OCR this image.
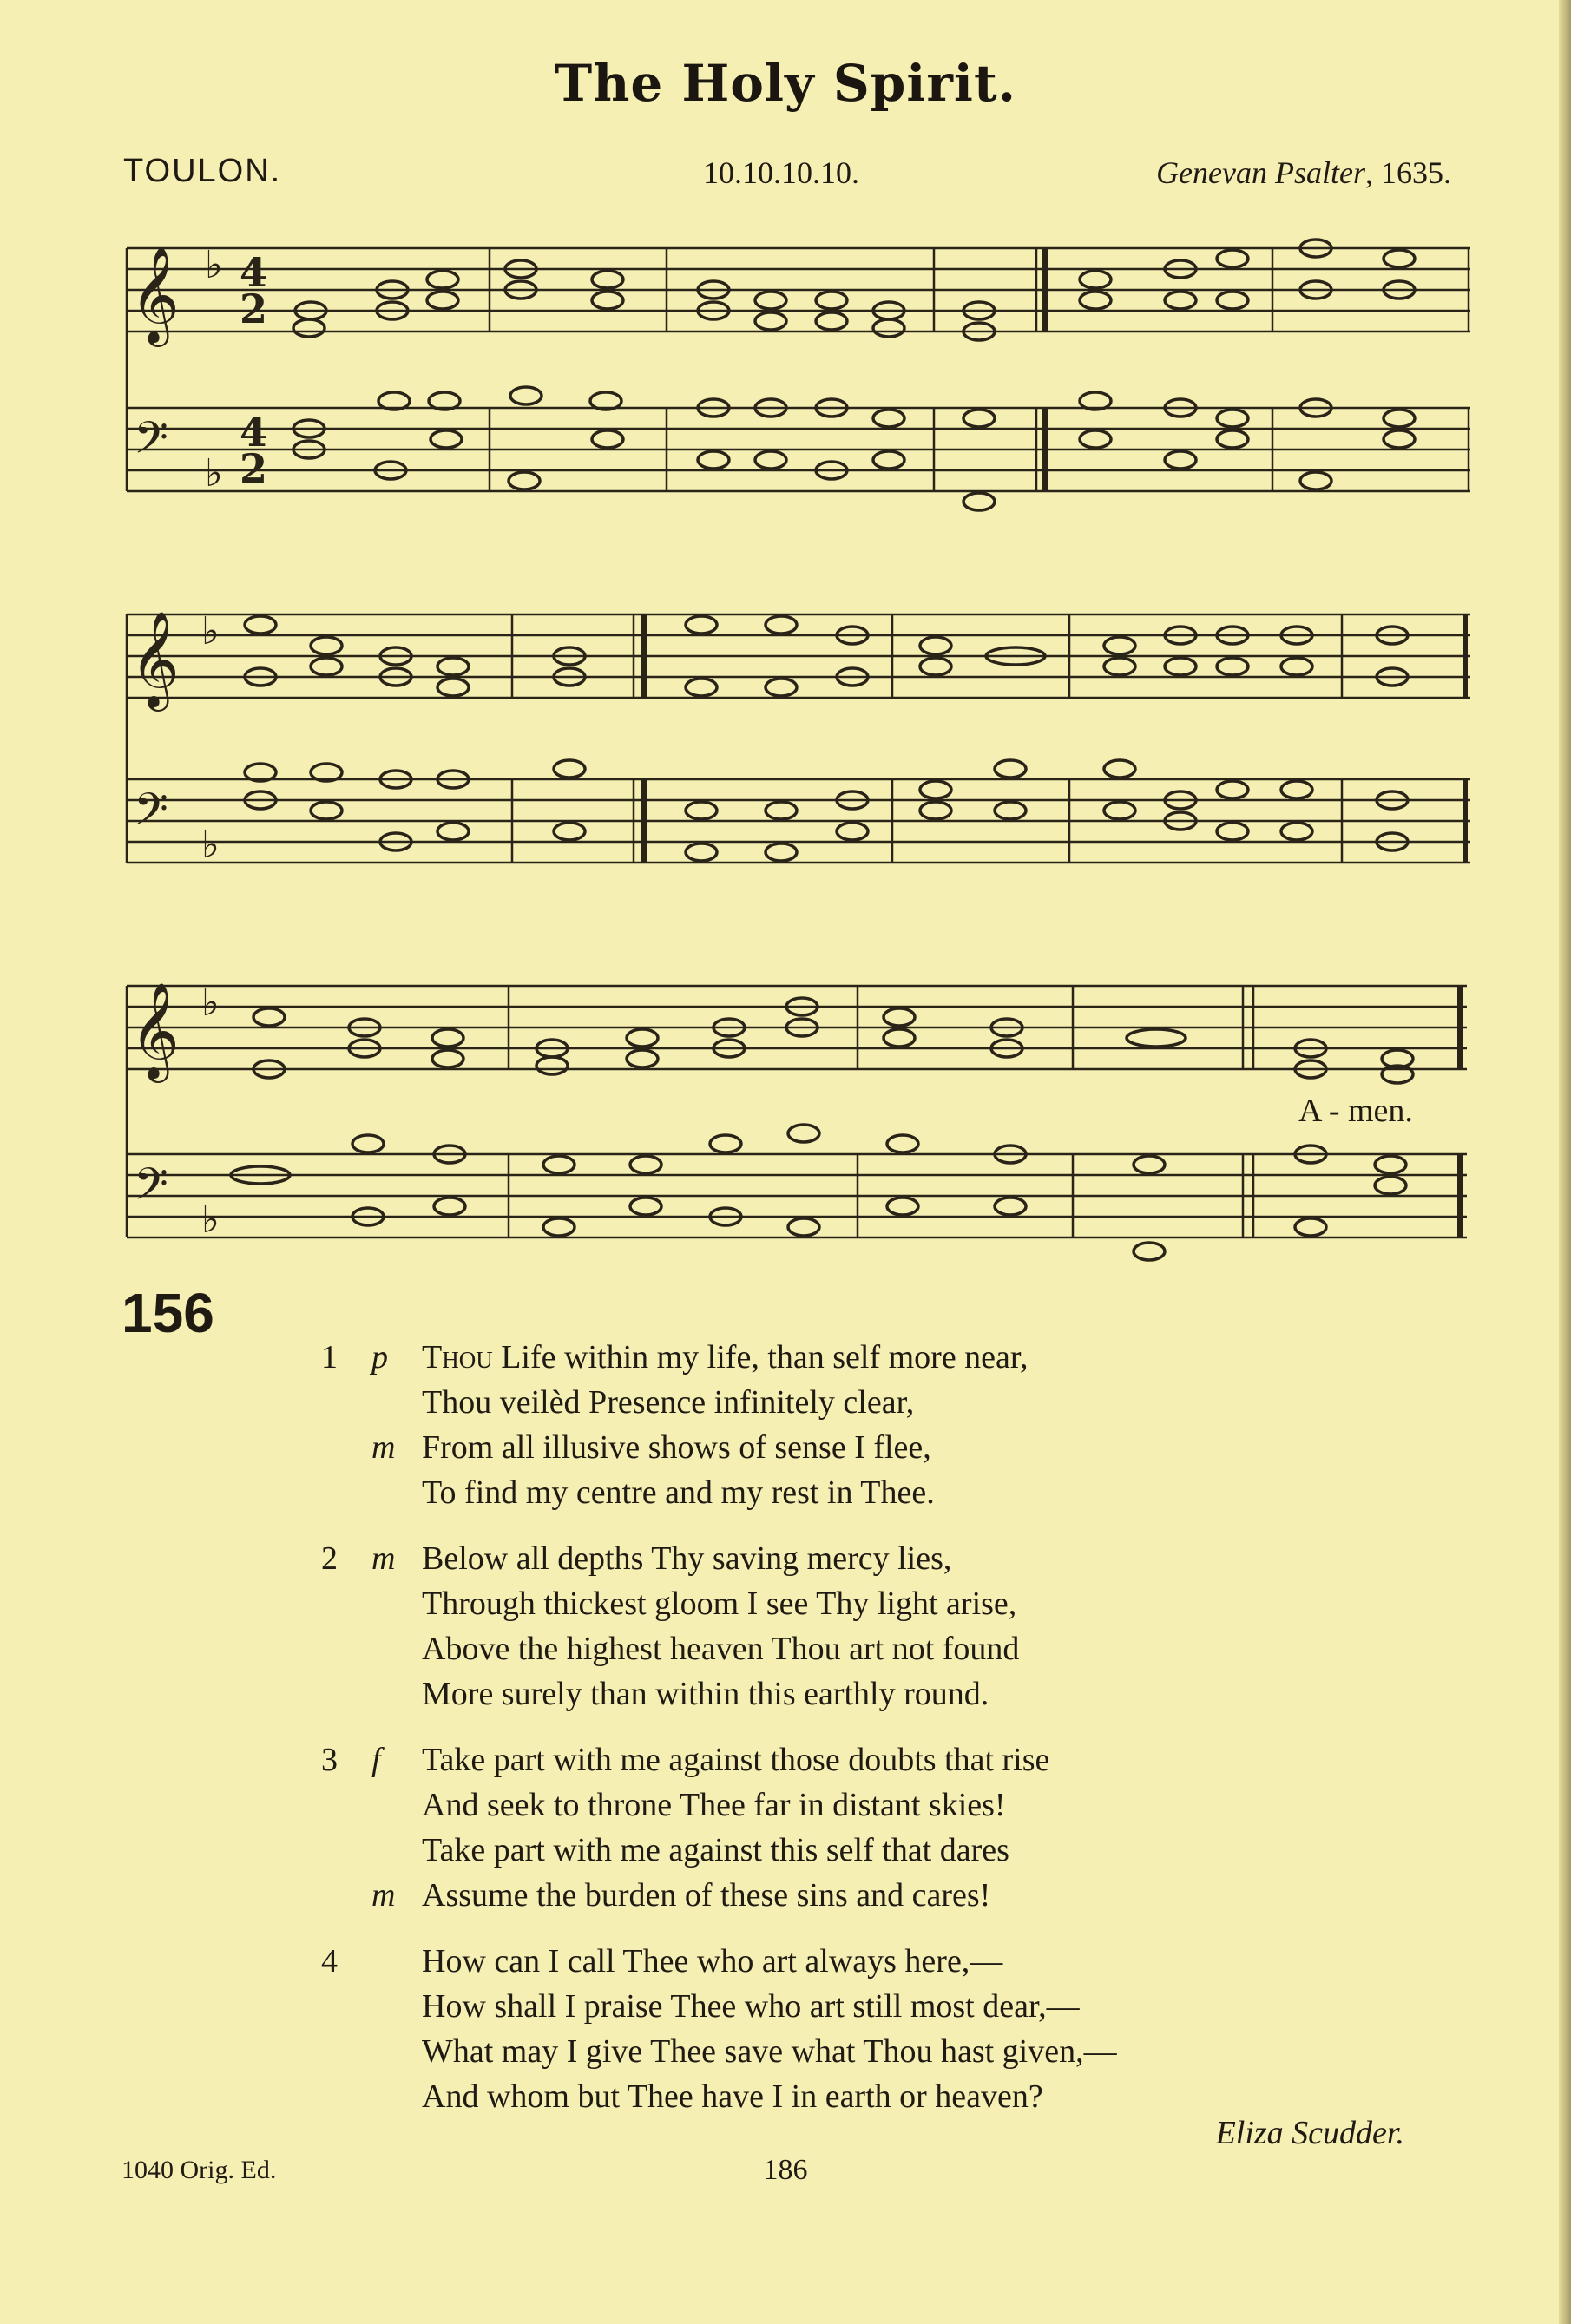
The Holy Spirit.
TOULON.	10.10.10.10.	Genevan Psalter, 1635.
𝄞
𝄢
♭
♭
4
2
4
2
𝄞
𝄢
♭
♭
𝄞
𝄢
♭
♭
A - men.
156
1 p Thou Life within my life, than self more near,
Thou veilèd Presence infinitely clear,
m From all illusive shows of sense I flee,
To find my centre and my rest in Thee.
2 m Below all depths Thy saving mercy lies,
Through thickest gloom I see Thy light arise,
Above the highest heaven Thou art not found
More surely than within this earthly round.
3 f Take part with me against those doubts that rise
And seek to throne Thee far in distant skies!
Take part with me against this self that dares
m Assume the burden of these sins and cares!
4	How can I call Thee who art always here,—
How shall I praise Thee who art still most dear,—
What may I give Thee save what Thou hast given,—
And whom but Thee have I in earth or heaven?
Eliza Scudder.
1040 Orig. Ed.	186
